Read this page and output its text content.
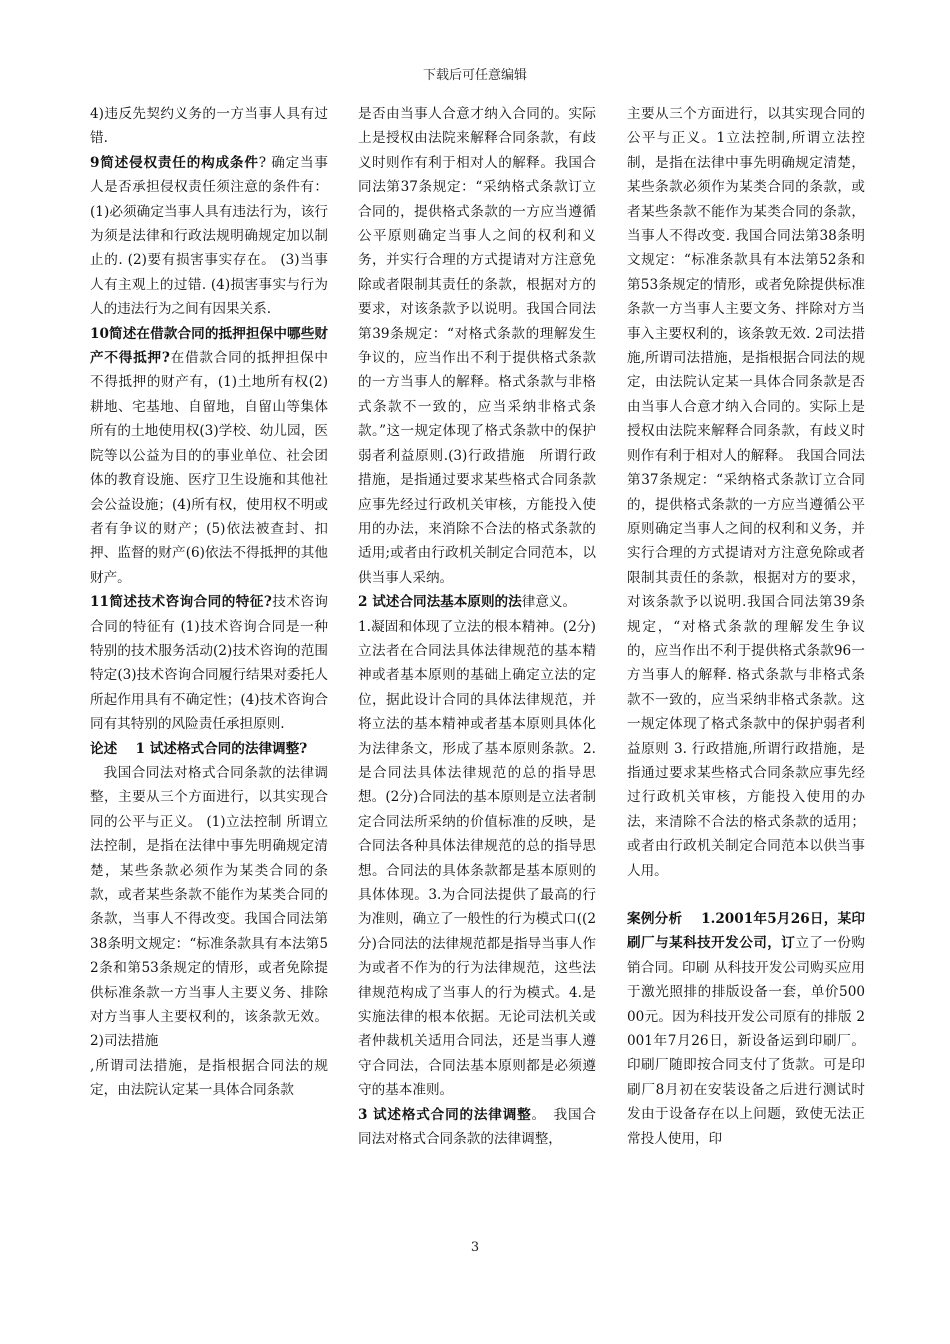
下载后可任意编辑

4)违反先契约义务的一方当事人具有过错.

9简述侵权责任的构成条件? 确定当事人是否承担侵权责任须注意的条件有：(1)必须确定当事人具有违法行为，该行为须是法律和行政法规明确规定加以制止的. (2)要有损害事实存在。 (3)当事人有主观上的过错. (4)损害事实与行为人的违法行为之间有因果关系.

10简述在借款合同的抵押担保中哪些财产不得抵押?在借款合同的抵押担保中不得抵押的财产有，(1)土地所有权(2)耕地、宅基地、自留地，自留山等集体所有的土地使用权(3)学校、幼儿园，医院等以公益为目的的事业单位、社会团体的教育设施、医疗卫生设施和其他社会公益设施；(4)所有权，使用权不明或者有争议的财产；(5)依法被查封、扣押、监督的财产(6)依法不得抵押的其他财产。

11简述技术咨询合同的特征?技术咨询合同的特征有 (1)技术咨询合同是一种特别的技术服务活动(2)技术咨询的范围特定(3)技术咨询合同履行结果对委托人所起作用具有不确定性；(4)技术咨询合同有其特别的风险责任承担原则.

论述　 1 试述格式合同的法律调整?

我国合同法对格式合同条款的法律调整，主要从三个方面进行，以其实现合同的公平与正义。 (1)立法控制 所谓立法控制，是指在法律中事先明确规定清楚，某些条款必须作为某类合同的条款，或者某些条款不能作为某类合同的条款，当事人不得改变。我国合同法第38条明文规定：“标准条款具有本法第52条和第53条规定的情形，或者免除提供标准条款一方当事人主要义务、排除对方当事人主要权利的，该条款无效。 2)司法措施

,所谓司法措施，是指根据合同法的规定，由法院认定某一具体合同条款

是否由当事人合意才纳入合同的。实际上是授权由法院来解释合同条款，有歧义时则作有利于相对人的解释。我国合同法第37条规定：“采纳格式条款订立合同的，提供格式条款的一方应当遵循公平原则确定当事人之间的权利和义务，并实行合理的方式提请对方注意免除或者限制其责任的条款，根据对方的要求，对该条款予以说明。我国合同法第39条规定：“对格式条款的理解发生争议的，应当作出不利于提供格式条款的一方当事人的解释。格式条款与非格式条款不一致的，应当采纳非格式条款。”这一规定体现了格式条款中的保护弱者利益原则.(3)行政措施　所谓行政措施，是指通过要求某些格式合同条款应事先经过行政机关审核，方能投入使用的办法，来消除不合法的格式条款的适用;或者由行政机关制定合同范本，以供当事人采纳。

2 试述合同法基本原则的法律意义。

1.凝固和体现了立法的根本精神。(2分)立法者在合同法具体法律规范的基本精神或者基本原则的基础上确定立法的定位，据此设计合同的具体法律规范，并将立法的基本精神或者基本原则具体化为法律条文，形成了基本原则条款。2.是合同法具体法律规范的总的指导思想。(2分)合同法的基本原则是立法者制定合同法所采纳的价值标准的反映，是合同法各种具体法律规范的总的指导思想。合同法的具体条款都是基本原则的具体体现。3.为合同法提供了最高的行为准则，确立了一般性的行为模式口((2分)合同法的法律规范都是指导当事人作为或者不作为的行为法律规范，这些法律规范构成了当事人的行为模式。4.是实施法律的根本依据。无论司法机关或者仲裁机关适用合同法，还是当事人遵守合同法，合同法基本原则都是必须遵守的基本准则。

3 试述格式合同的法律调整。　我国合同法对格式合同条款的法律调整，

主要从三个方面进行，以其实现合同的公平与正义。1立法控制,所谓立法控制，是指在法律中事先明确规定清楚，某些条款必须作为某类合同的条款，或者某些条款不能作为某类合同的条款，当事人不得改变. 我国合同法第38条明文规定：“标准条款具有本法第52条和第53条规定的情形，或者免除提供标准条款一方当事人主要文务、拌除对方当事入主要权利的，该条敦无效. 2司法措施,所谓司法措施，是指根据合同法的规定，由法院认定某一具体合同条款是否由当事人合意才纳入合同的。实际上是授权由法院来解释合同条款，有歧义时则作有利于相对人的解释。 我国合同法第37条规定：“采纳格式条款订立合同的，提供格式条款的一方应当遵循公平原则确定当事人之间的权利和义务，并实行合理的方式提请对方注意免除或者限制其责任的条款，根据对方的要求，对该条款予以说明.我国合同法第39条规定，“对格式条款的理解发生争议的，应当作出不利于提供格式条款96一方当事人的解释. 格式条款与非格式条款不一致的，应当采纳非格式条款。这一规定体现了格式条款中的保护弱者利益原则 3. 行政措施,所谓行政措施，是指通过要求某些格式合同条款应事先经过行政机关审核，方能投入使用的办法，来清除不合法的格式条款的适用；或者由行政机关制定合同范本以供当事人用。

案例分析　 1.2001年5月26日，某印刷厂与某科技开发公司，订立了一份购销合同。印刷 从科技开发公司购买应用于激光照排的排版设备一套，单价50000元。因为科技开发公司原有的排版 2001年7月26日，新设备运到印刷厂。印刷厂随即按合同支付了货款。可是印刷厂8月初在安装设备之后进行测试时发由于设备存在以上问题，致使无法正常投人使用，印

3
